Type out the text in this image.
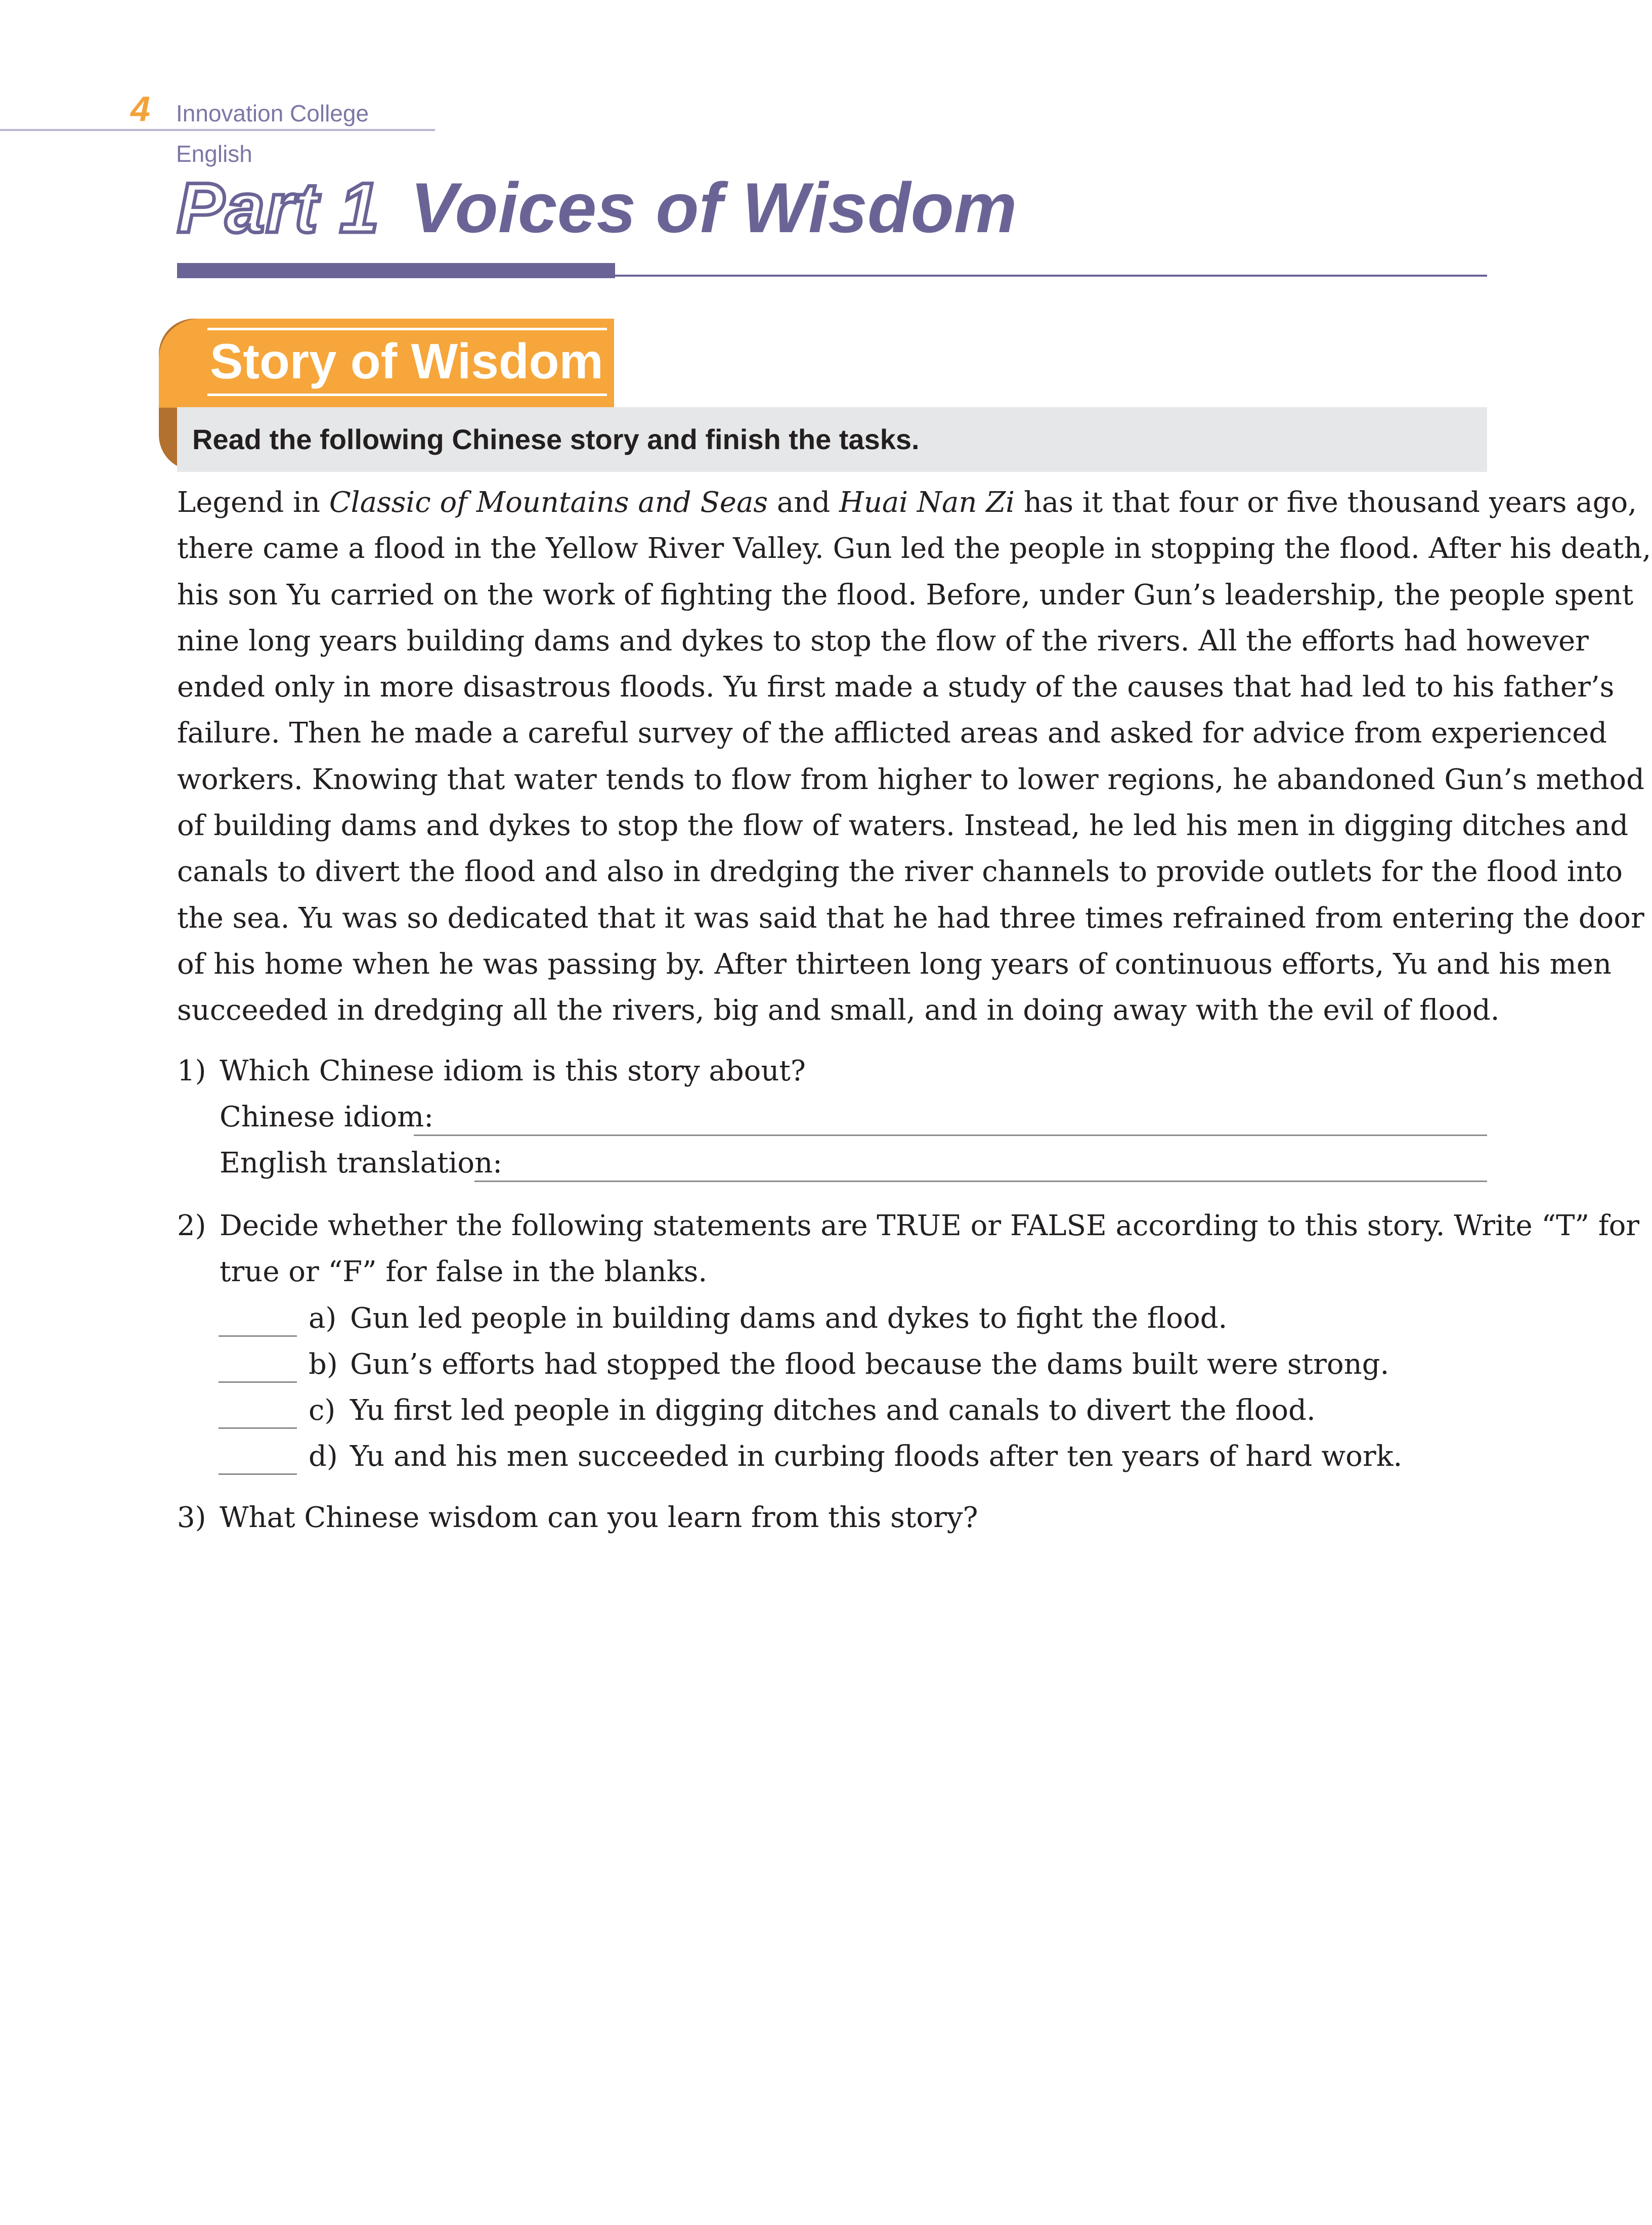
4 Innovation College English
Part 1 Voices of Wisdom
Story of Wisdom
Read the following Chinese story and finish the tasks.
Legend in Classic of Mountains and Seas and Huai Nan Zi has it that four or five thousand years ago,
there came a flood in the Yellow River Valley. Gun led the people in stopping the flood. After his death,
his son Yu carried on the work of fighting the flood. Before, under Gun’s leadership, the people spent
nine long years building dams and dykes to stop the flow of the rivers. All the efforts had however
ended only in more disastrous floods. Yu first made a study of the causes that had led to his father’s
failure. Then he made a careful survey of the afflicted areas and asked for advice from experienced
workers. Knowing that water tends to flow from higher to lower regions, he abandoned Gun’s method
of building dams and dykes to stop the flow of waters. Instead, he led his men in digging ditches and
canals to divert the flood and also in dredging the river channels to provide outlets for the flood into
the sea. Yu was so dedicated that it was said that he had three times refrained from entering the door
of his home when he was passing by. After thirteen long years of continuous efforts, Yu and his men
succeeded in dredging all the rivers, big and small, and in doing away with the evil of flood.
1) Which Chinese idiom is this story about?
Chinese idiom:
English translation:
2) Decide whether the following statements are TRUE or FALSE according to this story. Write “T” for
true or “F” for false in the blanks.
a) Gun led people in building dams and dykes to fight the flood.
b) Gun’s efforts had stopped the flood because the dams built were strong.
c) Yu first led people in digging ditches and canals to divert the flood.
d) Yu and his men succeeded in curbing floods after ten years of hard work.
3) What Chinese wisdom can you learn from this story?
